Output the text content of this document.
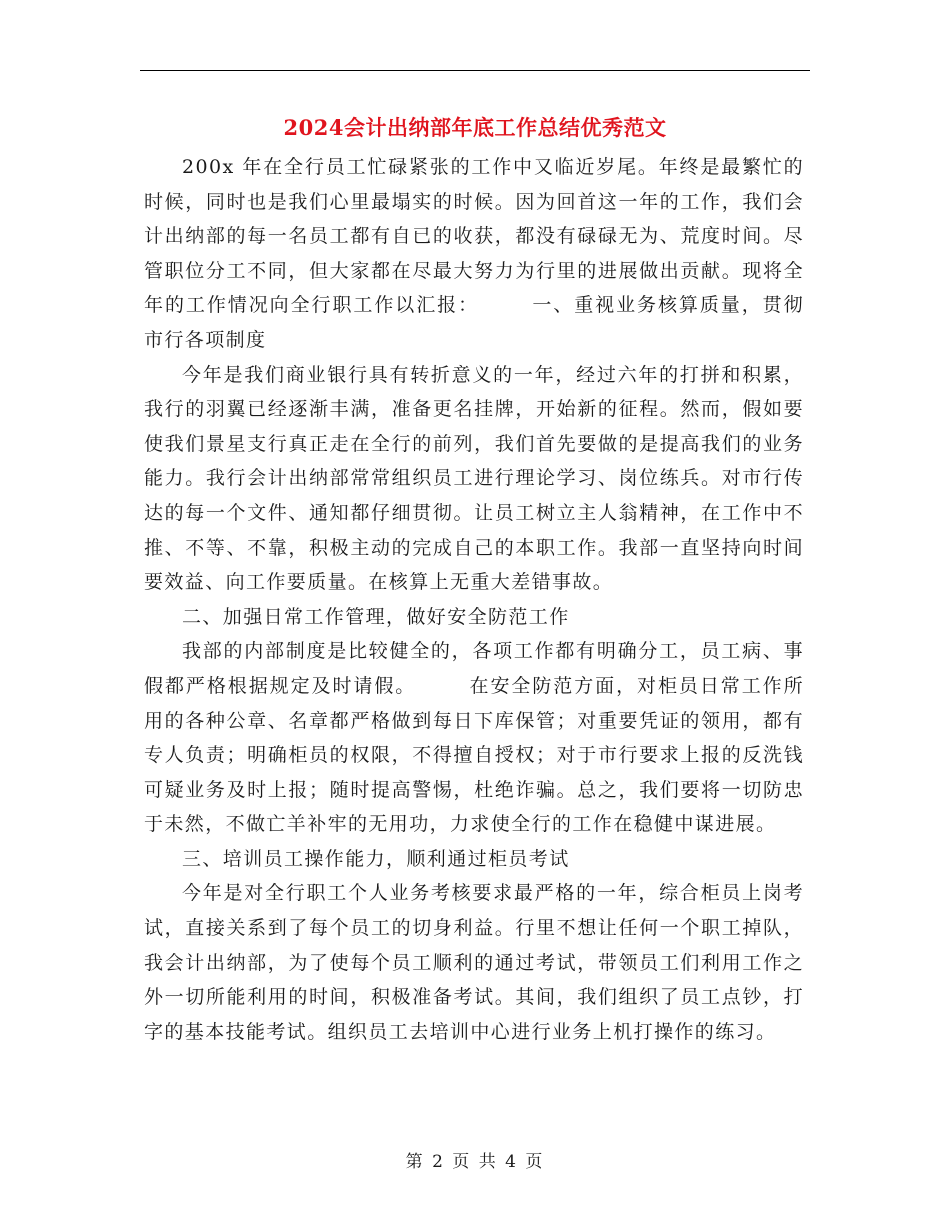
2024会计出纳部年底工作总结优秀范文

200x 年在全行员工忙碌紧张的工作中又临近岁尾。年终是最繁忙的时候，同时也是我们心里最塌实的时候。因为回首这一年的工作，我们会计出纳部的每一名员工都有自已的收获，都没有碌碌无为、荒度时间。尽管职位分工不同，但大家都在尽最大努力为行里的进展做出贡献。现将全年的工作情况向全行职工作以汇报：　　　一、重视业务核算质量，贯彻市行各项制度

今年是我们商业银行具有转折意义的一年，经过六年的打拼和积累，我行的羽翼已经逐渐丰满，准备更名挂牌，开始新的征程。然而，假如要使我们景星支行真正走在全行的前列，我们首先要做的是提高我们的业务能力。我行会计出纳部常常组织员工进行理论学习、岗位练兵。对市行传达的每一个文件、通知都仔细贯彻。让员工树立主人翁精神，在工作中不推、不等、不靠，积极主动的完成自己的本职工作。我部一直坚持向时间要效益、向工作要质量。在核算上无重大差错事故。

二、加强日常工作管理，做好安全防范工作

我部的内部制度是比较健全的，各项工作都有明确分工，员工病、事假都严格根据规定及时请假。　　　在安全防范方面，对柜员日常工作所用的各种公章、名章都严格做到每日下库保管；对重要凭证的领用，都有专人负责；明确柜员的权限，不得擅自授权；对于市行要求上报的反洗钱可疑业务及时上报；随时提高警惕，杜绝诈骗。总之，我们要将一切防忠于未然，不做亡羊补牢的无用功，力求使全行的工作在稳健中谋进展。

三、培训员工操作能力，顺利通过柜员考试

今年是对全行职工个人业务考核要求最严格的一年，综合柜员上岗考试，直接关系到了每个员工的切身利益。行里不想让任何一个职工掉队，我会计出纳部，为了使每个员工顺利的通过考试，带领员工们利用工作之外一切所能利用的时间，积极准备考试。其间，我们组织了员工点钞，打字的基本技能考试。组织员工去培训中心进行业务上机打操作的练习。

第 2 页 共 4 页
